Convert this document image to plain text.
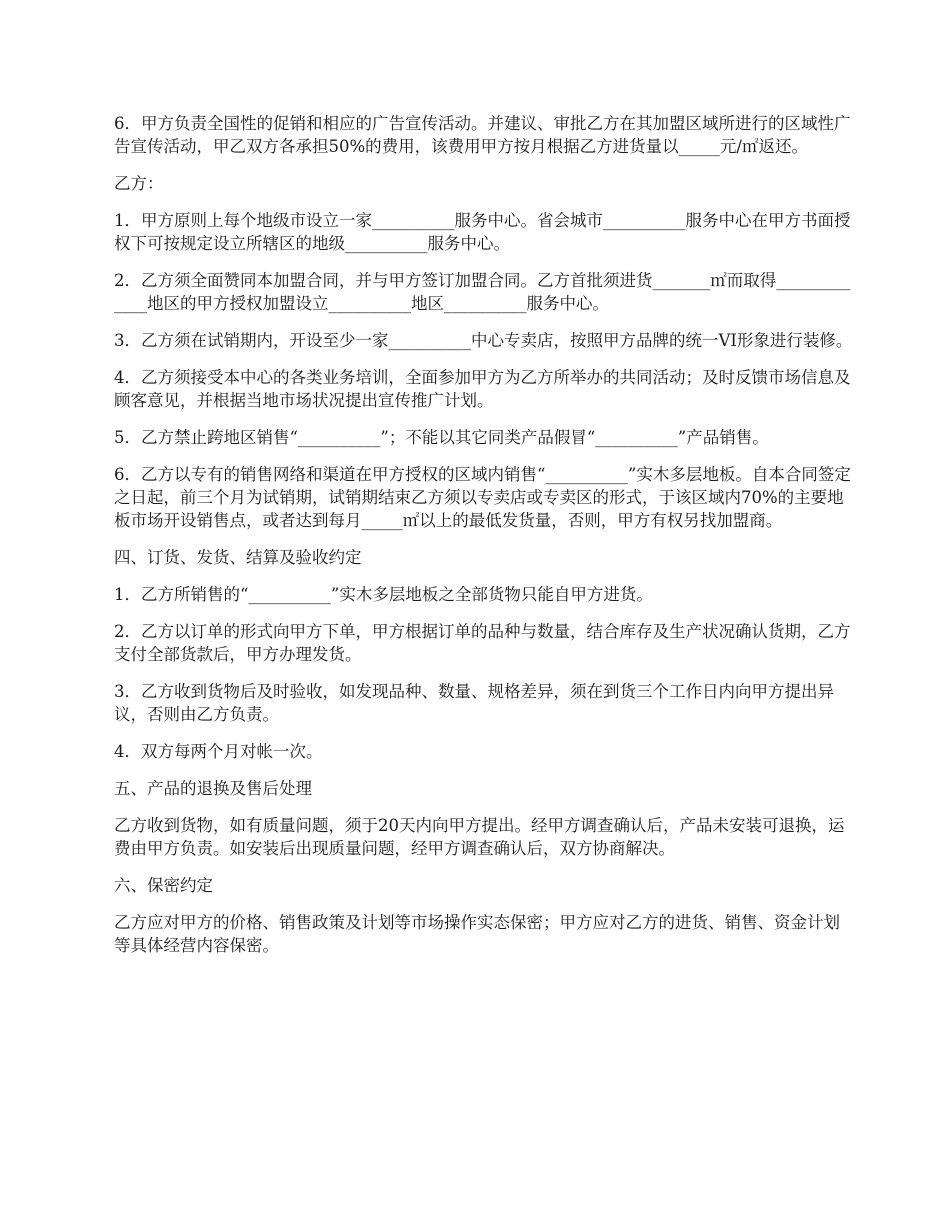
6．甲方负责全国性的促销和相应的广告宣传活动。并建议、审批乙方在其加盟区域所进行的区域性广告宣传活动，甲乙双方各承担50%的费用，该费用甲方按月根据乙方进货量以_____元/㎡返还。

乙方：

1．甲方原则上每个地级市设立一家__________服务中心。省会城市__________服务中心在甲方书面授权下可按规定设立所辖区的地级__________服务中心。

2．乙方须全面赞同本加盟合同，并与甲方签订加盟合同。乙方首批须进货_______㎡而取得_____________地区的甲方授权加盟设立__________地区__________服务中心。

3．乙方须在试销期内，开设至少一家__________中心专卖店，按照甲方品牌的统一VI形象进行装修。

4．乙方须接受本中心的各类业务培训，全面参加甲方为乙方所举办的共同活动；及时反馈市场信息及顾客意见，并根据当地市场状况提出宣传推广计划。

5．乙方禁止跨地区销售“__________”；不能以其它同类产品假冒“__________”产品销售。

6．乙方以专有的销售网络和渠道在甲方授权的区域内销售“__________”实木多层地板。自本合同签定之日起，前三个月为试销期，试销期结束乙方须以专卖店或专卖区的形式，于该区域内70%的主要地板市场开设销售点，或者达到每月_____㎡以上的最低发货量，否则，甲方有权另找加盟商。

四、订货、发货、结算及验收约定

1．乙方所销售的“__________”实木多层地板之全部货物只能自甲方进货。

2．乙方以订单的形式向甲方下单，甲方根据订单的品种与数量，结合库存及生产状况确认货期，乙方支付全部货款后，甲方办理发货。

3．乙方收到货物后及时验收，如发现品种、数量、规格差异，须在到货三个工作日内向甲方提出异议，否则由乙方负责。

4．双方每两个月对帐一次。

五、产品的退换及售后处理

乙方收到货物，如有质量问题，须于20天内向甲方提出。经甲方调查确认后，产品未安装可退换，运费由甲方负责。如安装后出现质量问题，经甲方调查确认后，双方协商解决。

六、保密约定

乙方应对甲方的价格、销售政策及计划等市场操作实态保密；甲方应对乙方的进货、销售、资金计划等具体经营内容保密。
